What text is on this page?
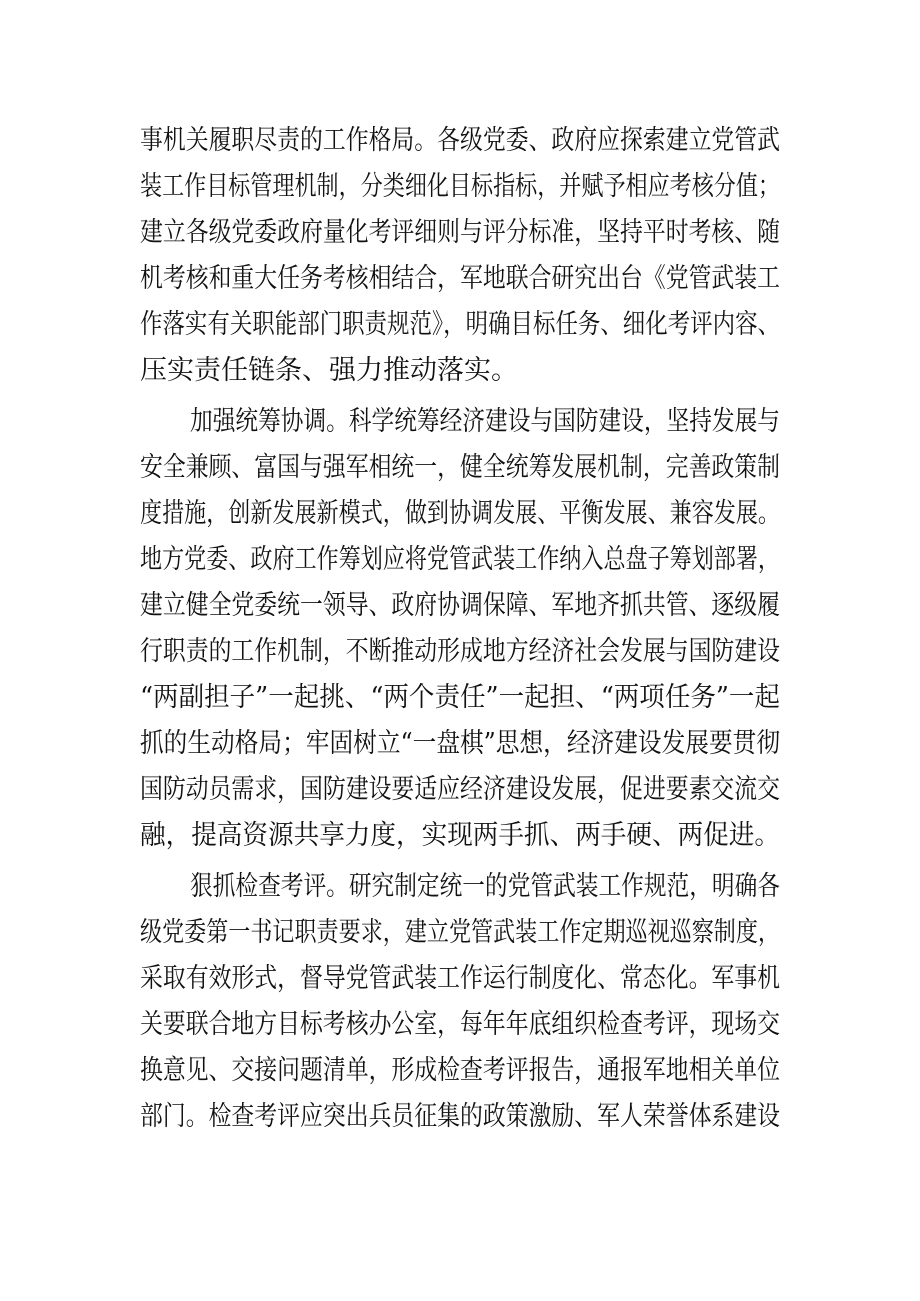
事机关履职尽责的工作格局。各级党委、政府应探索建立党管武
装工作目标管理机制，分类细化目标指标，并赋予相应考核分值；
建立各级党委政府量化考评细则与评分标准，坚持平时考核、随
机考核和重大任务考核相结合，军地联合研究出台《党管武装工
作落实有关职能部门职责规范》，明确目标任务、细化考评内容、
压实责任链条、强力推动落实。
加强统筹协调。科学统筹经济建设与国防建设，坚持发展与
安全兼顾、富国与强军相统一，健全统筹发展机制，完善政策制
度措施，创新发展新模式，做到协调发展、平衡发展、兼容发展。
地方党委、政府工作筹划应将党管武装工作纳入总盘子筹划部署，
建立健全党委统一领导、政府协调保障、军地齐抓共管、逐级履
行职责的工作机制，不断推动形成地方经济社会发展与国防建设
“两副担子”一起挑、“两个责任”一起担、“两项任务”一起
抓的生动格局；牢固树立“一盘棋”思想，经济建设发展要贯彻
国防动员需求，国防建设要适应经济建设发展，促进要素交流交
融，提高资源共享力度，实现两手抓、两手硬、两促进。
狠抓检查考评。研究制定统一的党管武装工作规范，明确各
级党委第一书记职责要求，建立党管武装工作定期巡视巡察制度，
采取有效形式，督导党管武装工作运行制度化、常态化。军事机
关要联合地方目标考核办公室，每年年底组织检查考评，现场交
换意见、交接问题清单，形成检查考评报告，通报军地相关单位
部门。检查考评应突出兵员征集的政策激励、军人荣誉体系建设
